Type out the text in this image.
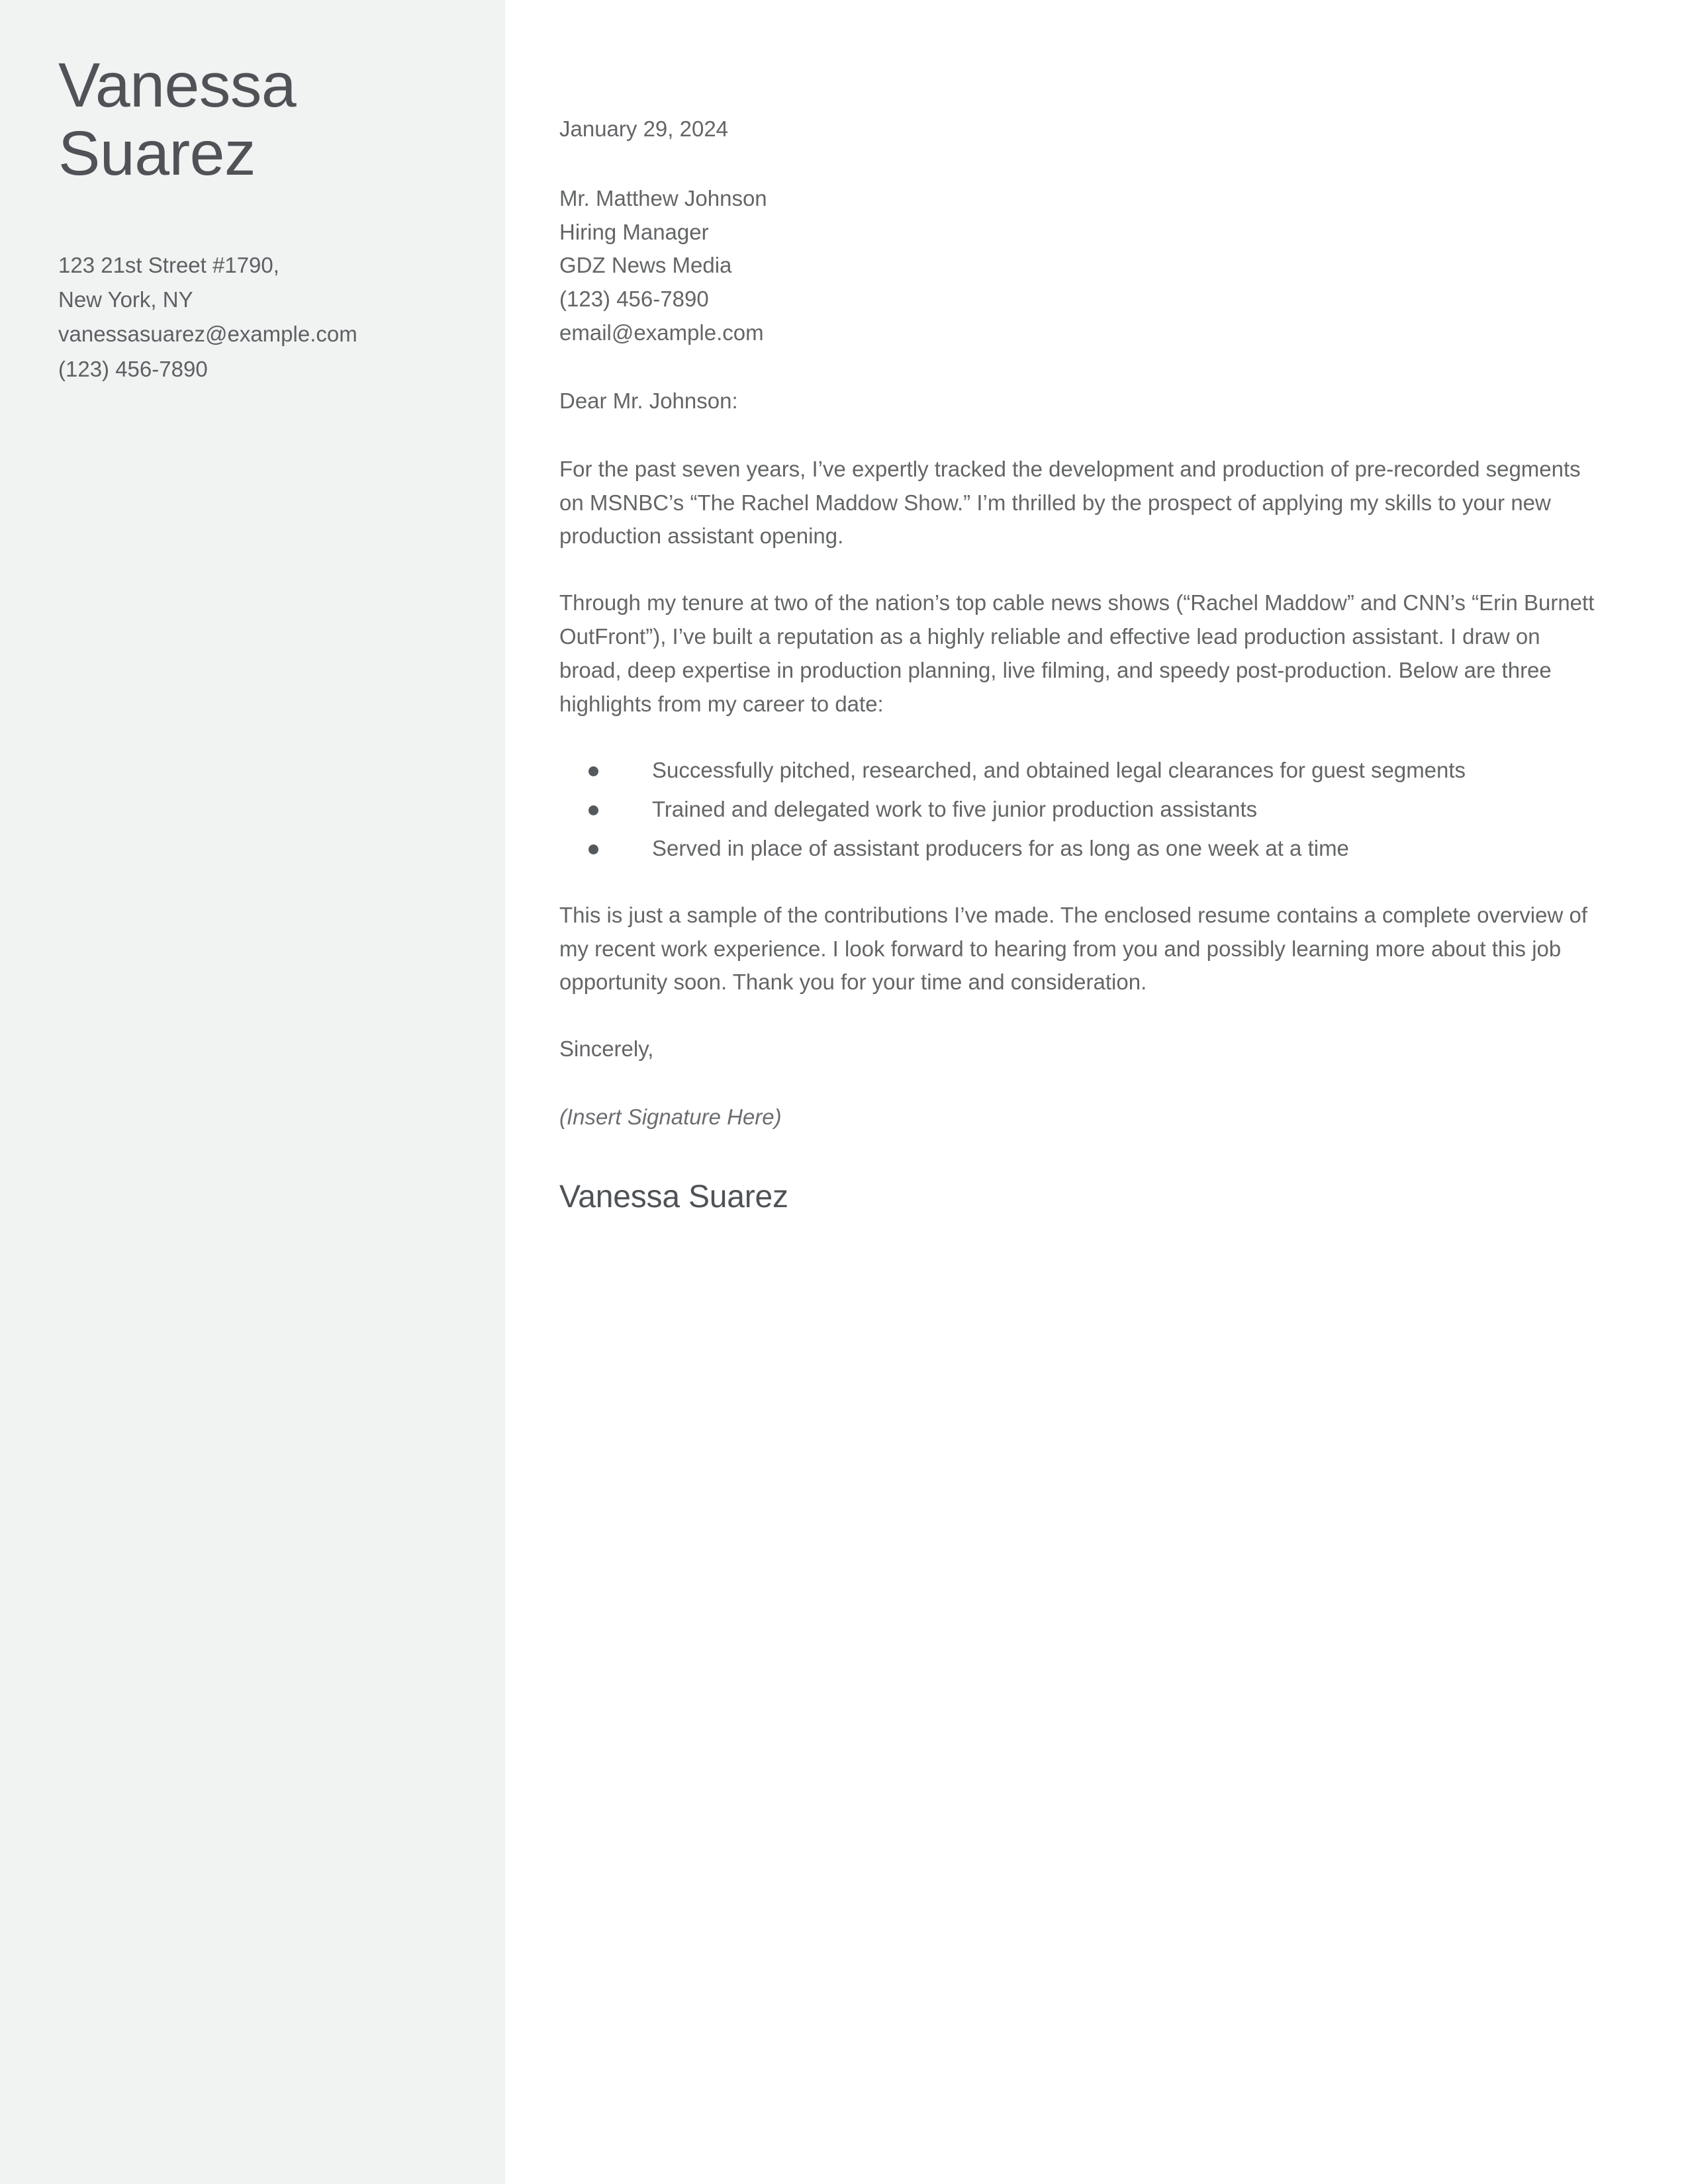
Vanessa
Suarez
123 21st Street #1790,
New York, NY
vanessasuarez@example.com
(123) 456-7890

January 29, 2024

Mr. Matthew Johnson
Hiring Manager
GDZ News Media
(123) 456-7890
email@example.com

Dear Mr. Johnson:

For the past seven years, I’ve expertly tracked the development and production of pre-recorded segments on MSNBC’s “The Rachel Maddow Show.” I’m thrilled by the prospect of applying my skills to your new production assistant opening.

Through my tenure at two of the nation’s top cable news shows (“Rachel Maddow” and CNN’s “Erin Burnett OutFront”), I’ve built a reputation as a highly reliable and effective lead production assistant. I draw on broad, deep expertise in production planning, live filming, and speedy post-production. Below are three highlights from my career to date:

Successfully pitched, researched, and obtained legal clearances for guest segments
Trained and delegated work to five junior production assistants
Served in place of assistant producers for as long as one week at a time

This is just a sample of the contributions I’ve made. The enclosed resume contains a complete overview of my recent work experience. I look forward to hearing from you and possibly learning more about this job opportunity soon. Thank you for your time and consideration.

Sincerely,

(Insert Signature Here)

Vanessa Suarez
